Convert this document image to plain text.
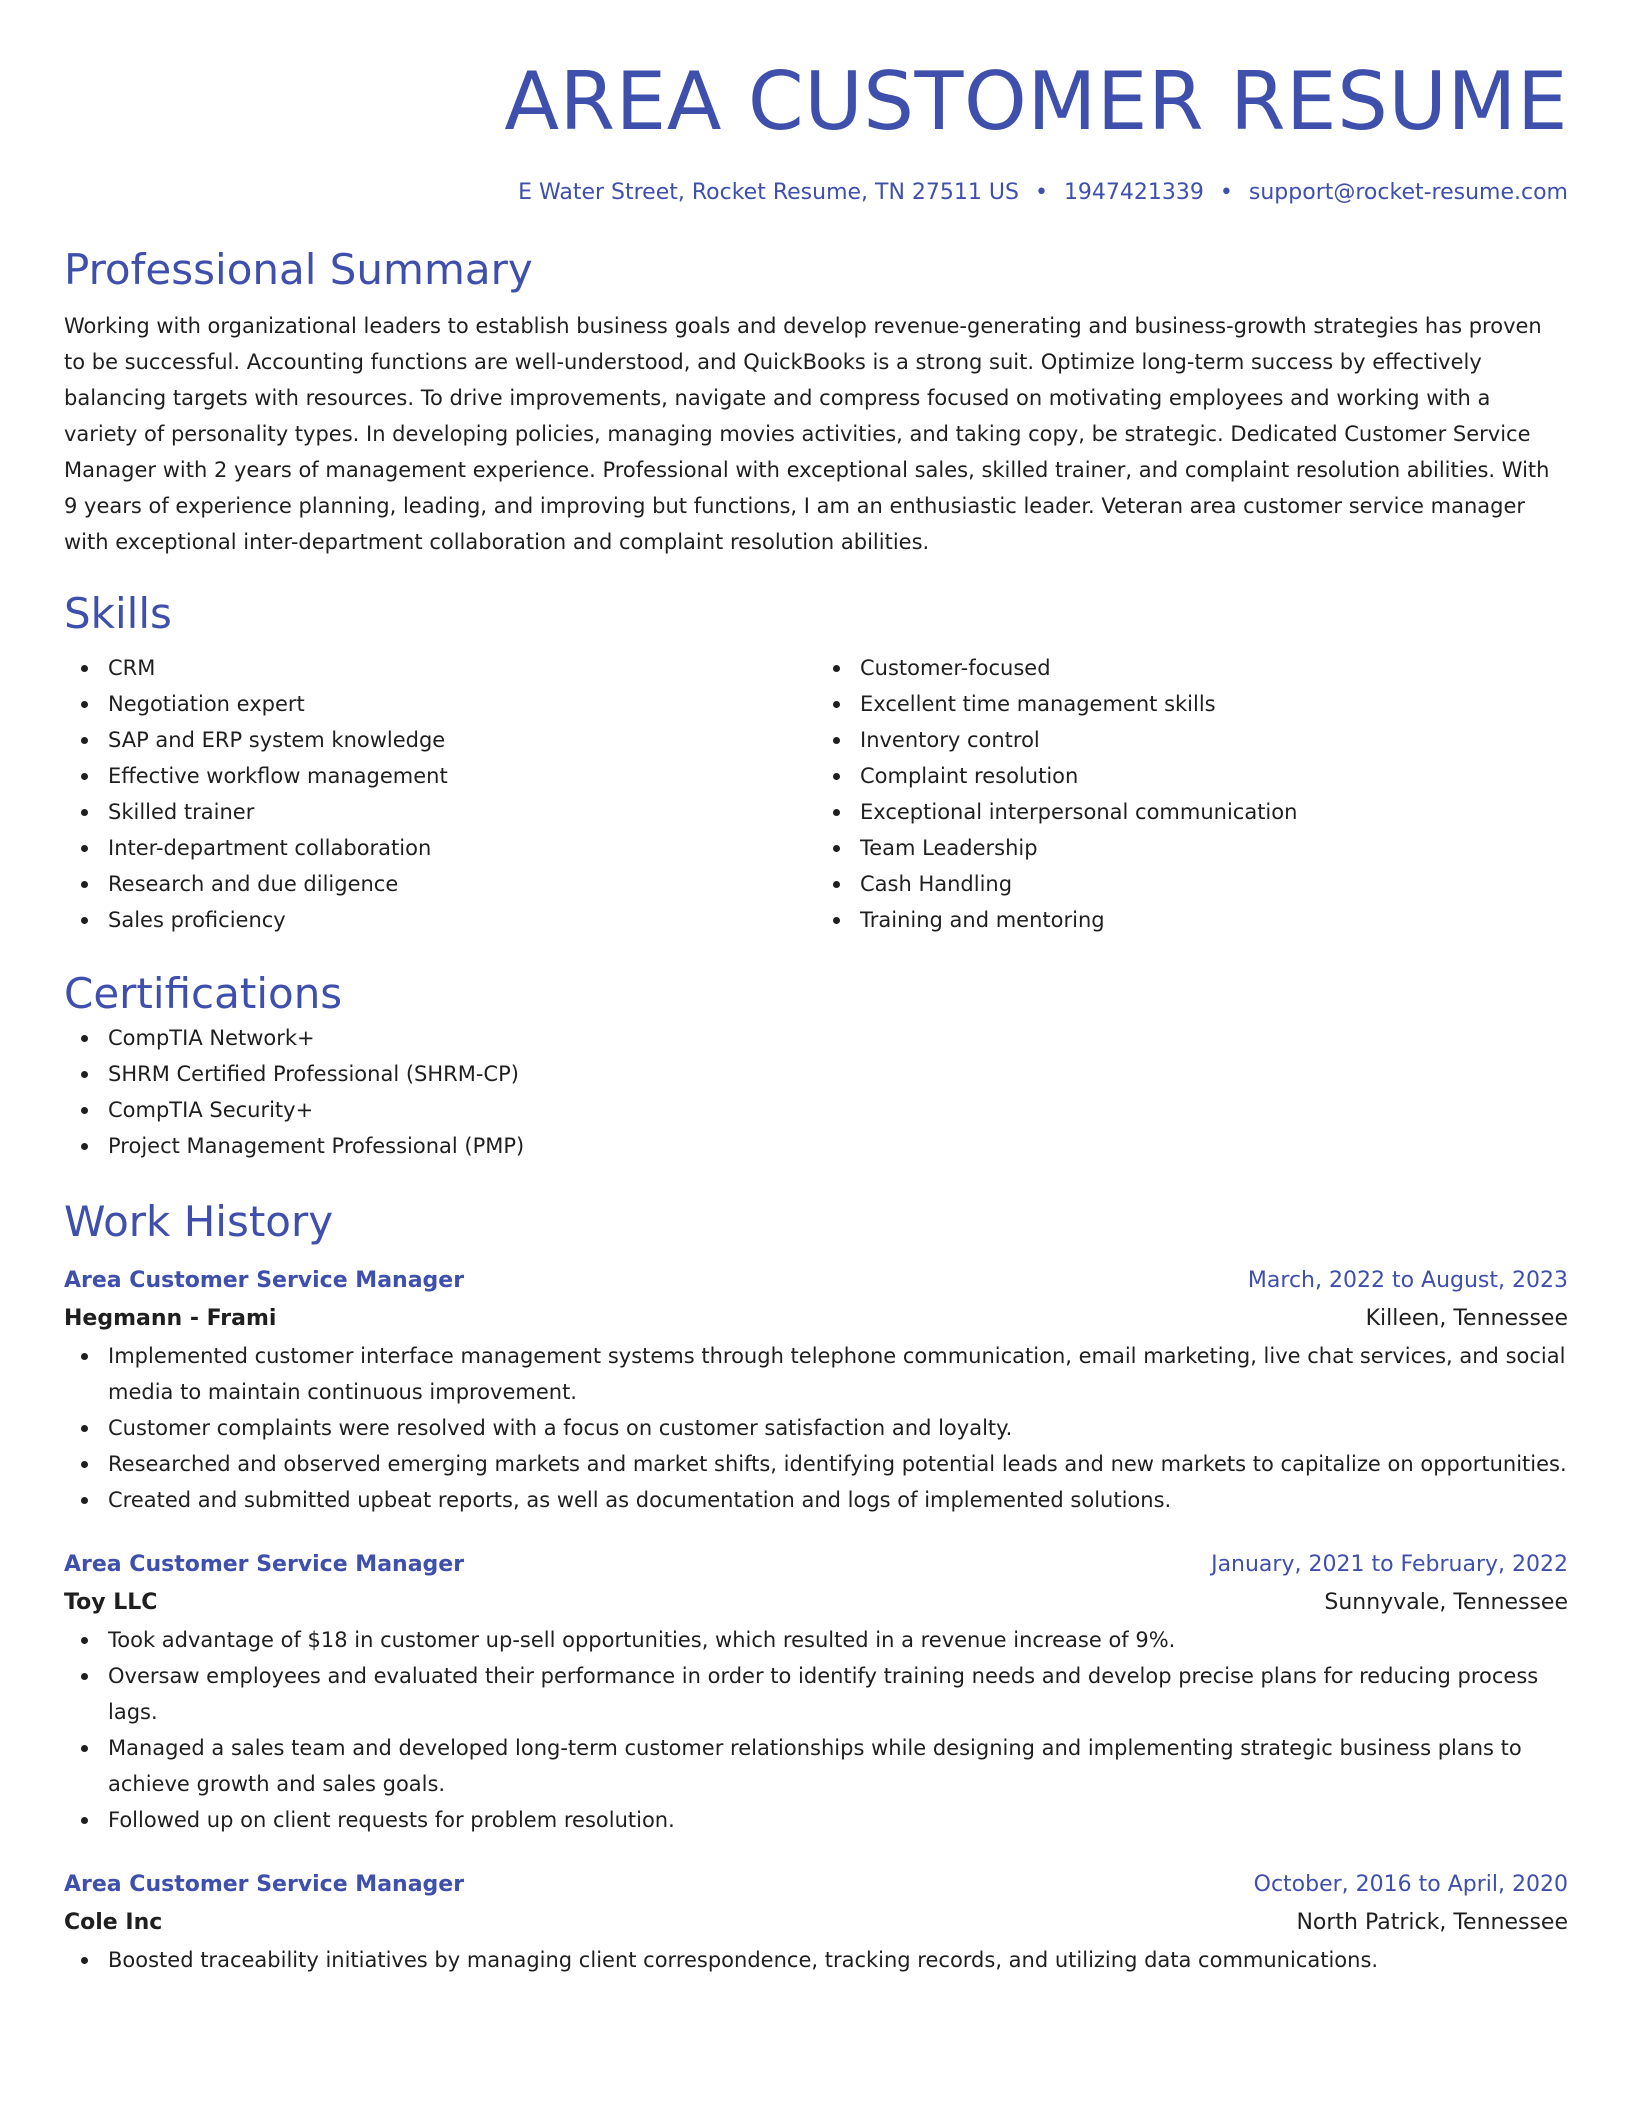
AREA CUSTOMER RESUME
E Water Street, Rocket Resume, TN 27511 US • 1947421339 • support@rocket-resume.com
Professional Summary

Working with organizational leaders to establish business goals and develop revenue-generating and business-growth strategies has proven to be successful. Accounting functions are well-understood, and QuickBooks is a strong suit. Optimize long-term success by effectively balancing targets with resources. To drive improvements, navigate and compress focused on motivating employees and working with a variety of personality types. In developing policies, managing movies activities, and taking copy, be strategic. Dedicated Customer Service Manager with 2 years of management experience. Professional with exceptional sales, skilled trainer, and complaint resolution abilities. With 9 years of experience planning, leading, and improving but functions, I am an enthusiastic leader. Veteran area customer service manager with exceptional inter-department collaboration and complaint resolution abilities.

Skills
CRM
Negotiation expert
SAP and ERP system knowledge
Effective workflow management
Skilled trainer
Inter-department collaboration
Research and due diligence
Sales proficiency
Customer-focused
Excellent time management skills
Inventory control
Complaint resolution
Exceptional interpersonal communication
Team Leadership
Cash Handling
Training and mentoring
Certifications
CompTIA Network+
SHRM Certified Professional (SHRM-CP)
CompTIA Security+
Project Management Professional (PMP)
Work History
Area Customer Service Manager	March, 2022 to August, 2023
Hegmann - Frami	Killeen, Tennessee
Implemented customer interface management systems through telephone communication, email marketing, live chat services, and social media to maintain continuous improvement.
Customer complaints were resolved with a focus on customer satisfaction and loyalty.
Researched and observed emerging markets and market shifts, identifying potential leads and new markets to capitalize on opportunities.
Created and submitted upbeat reports, as well as documentation and logs of implemented solutions.
Area Customer Service Manager	January, 2021 to February, 2022
Toy LLC	Sunnyvale, Tennessee
Took advantage of $18 in customer up-sell opportunities, which resulted in a revenue increase of 9%.
Oversaw employees and evaluated their performance in order to identify training needs and develop precise plans for reducing process lags.
Managed a sales team and developed long-term customer relationships while designing and implementing strategic business plans to achieve growth and sales goals.
Followed up on client requests for problem resolution.
Area Customer Service Manager	October, 2016 to April, 2020
Cole Inc	North Patrick, Tennessee
Boosted traceability initiatives by managing client correspondence, tracking records, and utilizing data communications.
